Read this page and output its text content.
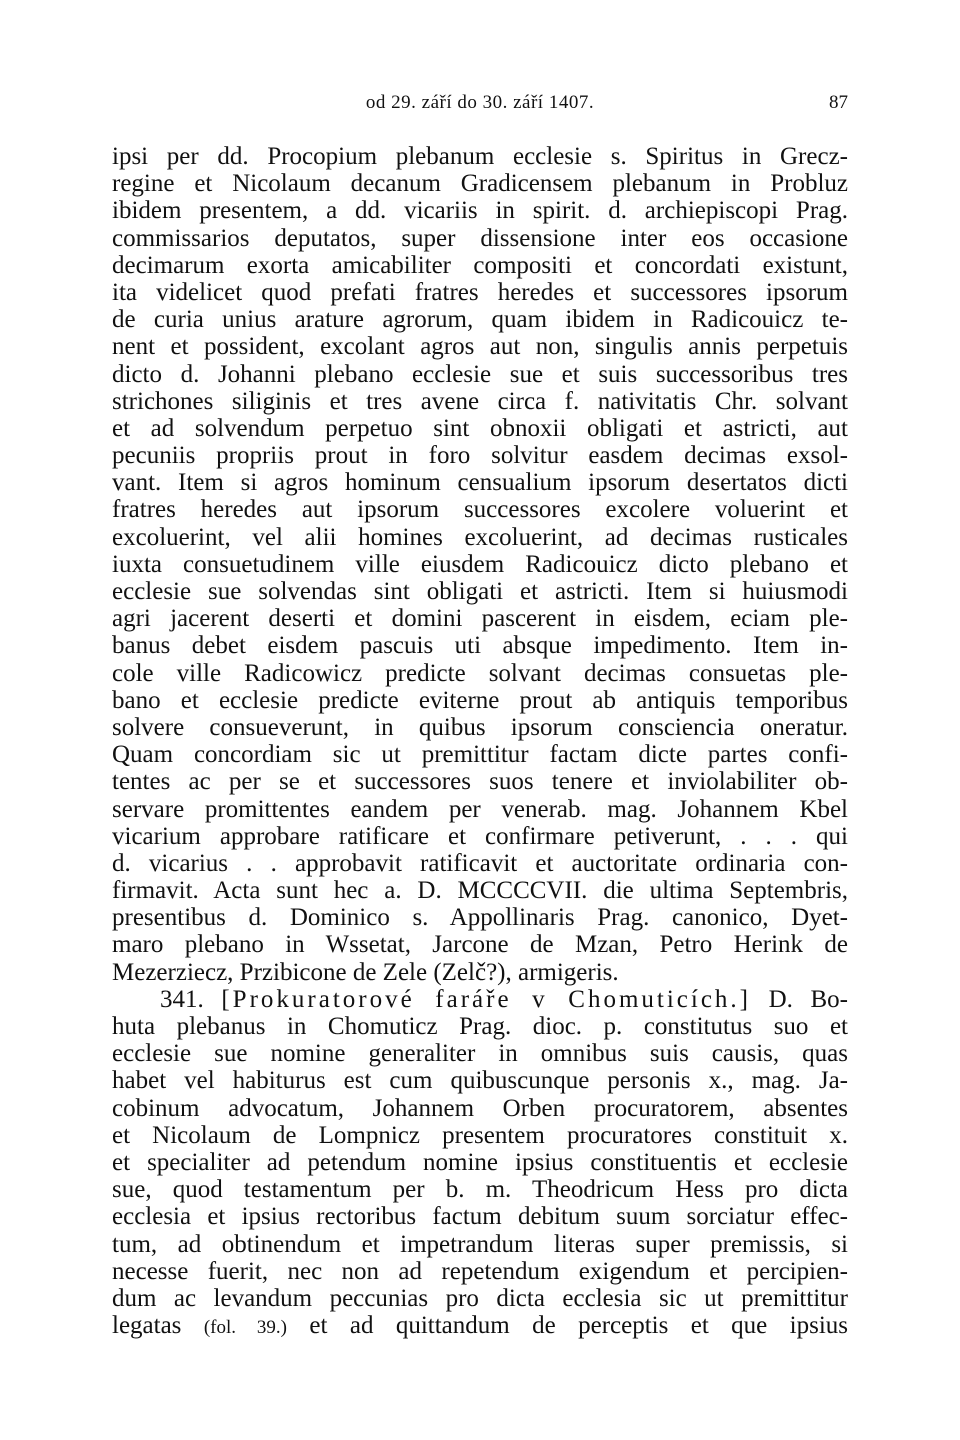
od 29. září do 30. září 1407.	87
ipsi per dd. Procopium plebanum ecclesie s. Spiritus in Grecz-
regine et Nicolaum decanum Gradicensem plebanum in Probluz
ibidem presentem, a dd. vicariis in spirit. d. archiepiscopi Prag.
commissarios deputatos, super dissensione inter eos occasione
decimarum exorta amicabiliter compositi et concordati existunt,
ita videlicet quod prefati fratres heredes et successores ipsorum
de curia unius arature agrorum, quam ibidem in Radicouicz te-
nent et possident, excolant agros aut non, singulis annis perpetuis
dicto d. Johanni plebano ecclesie sue et suis successoribus tres
strichones siliginis et tres avene circa f. nativitatis Chr. solvant
et ad solvendum perpetuo sint obnoxii obligati et astricti, aut
pecuniis propriis prout in foro solvitur easdem decimas exsol-
vant. Item si agros hominum censualium ipsorum desertatos dicti
fratres heredes aut ipsorum successores excolere voluerint et
excoluerint, vel alii homines excoluerint, ad decimas rusticales
iuxta consuetudinem ville eiusdem Radicouicz dicto plebano et
ecclesie sue solvendas sint obligati et astricti. Item si huiusmodi
agri jacerent deserti et domini pascerent in eisdem, eciam ple-
banus debet eisdem pascuis uti absque impedimento. Item in-
cole ville Radicowicz predicte solvant decimas consuetas ple-
bano et ecclesie predicte eviterne prout ab antiquis temporibus
solvere consueverunt, in quibus ipsorum consciencia oneratur.
Quam concordiam sic ut premittitur factam dicte partes confi-
tentes ac per se et successores suos tenere et inviolabiliter ob-
servare promittentes eandem per venerab. mag. Johannem Kbel
vicarium approbare ratificare et confirmare petiverunt, . . . qui
d. vicarius . . approbavit ratificavit et auctoritate ordinaria con-
firmavit. Acta sunt hec a. D. MCCCCVII. die ultima Septembris,
presentibus d. Dominico s. Appollinaris Prag. canonico, Dyet-
maro plebano in Wssetat, Jarcone de Mzan, Petro Herink de
Mezerziecz, Przibicone de Zele (Zelč?), armigeris.
341. [Prokuratorové faráře v Chomuticích.] D. Bo-
huta plebanus in Chomuticz Prag. dioc. p. constitutus suo et
ecclesie sue nomine generaliter in omnibus suis causis, quas
habet vel habiturus est cum quibuscunque personis x., mag. Ja-
cobinum advocatum, Johannem Orben procuratorem, absentes
et Nicolaum de Lompnicz presentem procuratores constituit x.
et specialiter ad petendum nomine ipsius constituentis et ecclesie
sue, quod testamentum per b. m. Theodricum Hess pro dicta
ecclesia et ipsius rectoribus factum debitum suum sorciatur effec-
tum, ad obtinendum et impetrandum literas super premissis, si
necesse fuerit, nec non ad repetendum exigendum et percipien-
dum ac levandum peccunias pro dicta ecclesia sic ut premittitur
legatas (fol. 39.) et ad quittandum de perceptis et que ipsius
